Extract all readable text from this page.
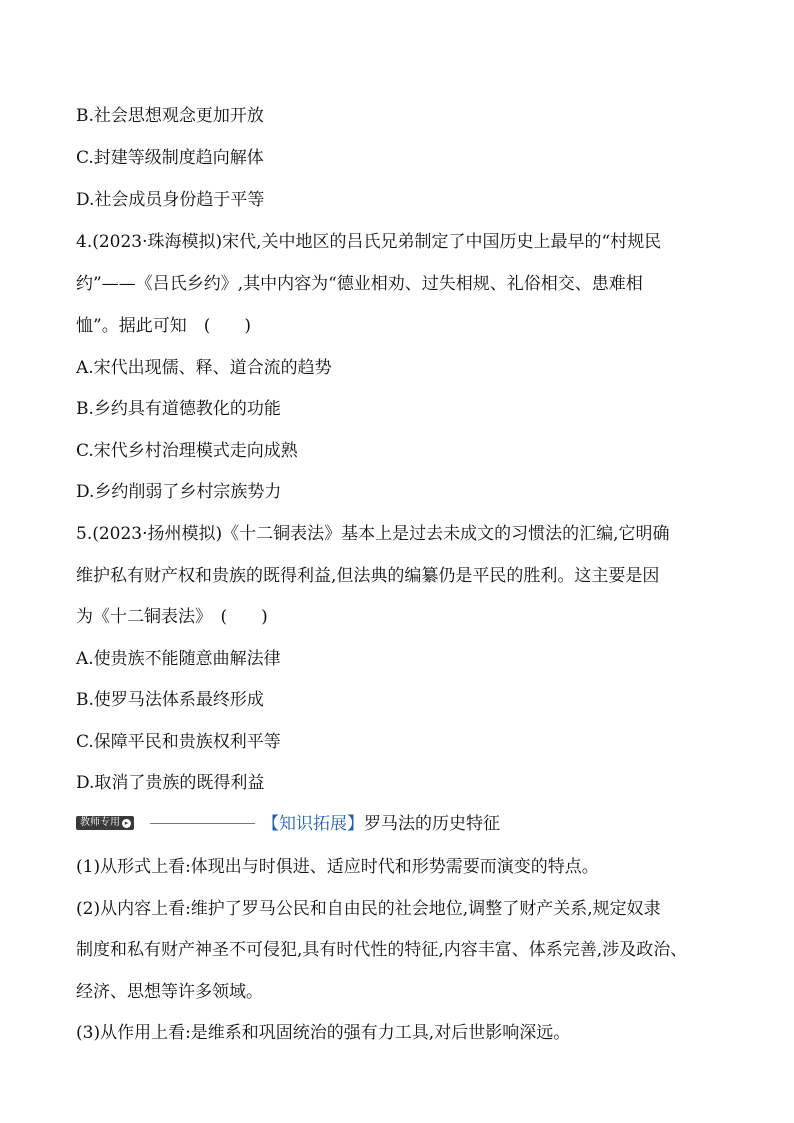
B.社会思想观念更加开放
C.封建等级制度趋向解体
D.社会成员身份趋于平等
4.(2023·珠海模拟)宋代,关中地区的吕氏兄弟制定了中国历史上最早的“村规民
约”——《吕氏乡约》,其中内容为“德业相劝、过失相规、礼俗相交、患难相
恤”。据此可知　(　　)
A.宋代出现儒、释、道合流的趋势
B.乡约具有道德教化的功能
C.宋代乡村治理模式走向成熟
D.乡约削弱了乡村宗族势力
5.(2023·扬州模拟)《十二铜表法》基本上是过去未成文的习惯法的汇编,它明确
维护私有财产权和贵族的既得利益,但法典的编纂仍是平民的胜利。这主要是因
为《十二铜表法》　(　　)
A.使贵族不能随意曲解法律
B.使罗马法体系最终形成
C.保障平民和贵族权利平等
D.取消了贵族的既得利益
教师专用 ▸	【知识拓展】罗马法的历史特征
(1)从形式上看:体现出与时俱进、适应时代和形势需要而演变的特点。
(2)从内容上看:维护了罗马公民和自由民的社会地位,调整了财产关系,规定奴隶
制度和私有财产神圣不可侵犯,具有时代性的特征,内容丰富、体系完善,涉及政治、
经济、思想等许多领域。
(3)从作用上看:是维系和巩固统治的强有力工具,对后世影响深远。
